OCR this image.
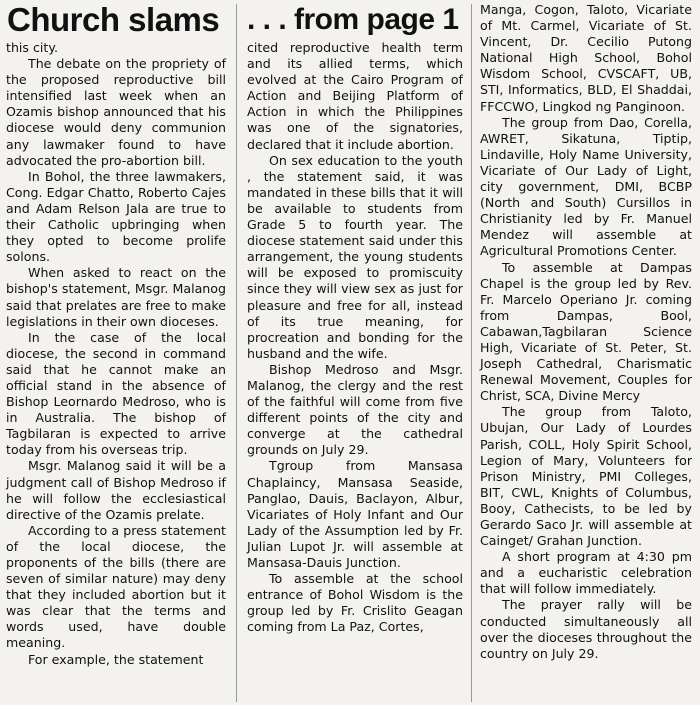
Church slams . . . from page 1

this city.

The debate on the propriety of the proposed reproductive bill intensified last week when an Ozamis bishop announced that his diocese would deny communion any lawmaker found to have advocated the pro-abortion bill.

In Bohol, the three lawmakers, Cong. Edgar Chatto, Roberto Cajes and Adam Relson Jala are true to their Catholic upbringing when they opted to become prolife solons.

When asked to react on the bishop's statement, Msgr. Malanog said that prelates are free to make legislations in their own dioceses.

In the case of the local diocese, the second in command said that he cannot make an official stand in the absence of Bishop Leornardo Medroso, who is in Australia. The bishop of Tagbilaran is expected to arrive today from his overseas trip.

Msgr. Malanog said it will be a judgment call of Bishop Medroso if he will follow the ecclesiastical directive of the Ozamis prelate.

According to a press statement of the local diocese, the proponents of the bills (there are seven of similar nature) may deny that they included abortion but it was clear that the terms and words used, have double meaning.

For example, the statement

cited reproductive health term and its allied terms, which evolved at the Cairo Program of Action and Beijing Platform of Action in which the Philippines was one of the signatories, declared that it include abortion.

On sex education to the youth , the statement said, it was mandated in these bills that it will be available to students from Grade 5 to fourth year. The diocese statement said under this arrangement, the young students will be exposed to promiscuity since they will view sex as just for pleasure and free for all, instead of its true meaning, for procreation and bonding for the husband and the wife.

Bishop Medroso and Msgr. Malanog, the clergy and the rest of the faithful will come from five different points of the city and converge at the cathedral grounds on July 29.

Tgroup from Mansasa Chaplaincy, Mansasa Seaside, Panglao, Dauis, Baclayon, Albur, Vicariates of Holy Infant and Our Lady of the Assumption led by Fr. Julian Lupot Jr. will assemble at Mansasa-Dauis Junction.

To assemble at the school entrance of Bohol Wisdom is the group led by Fr. Crislito Geagan coming from La Paz, Cortes,

Manga, Cogon, Taloto, Vicariate of Mt. Carmel, Vicariate of St. Vincent, Dr. Cecilio Putong National High School, Bohol Wisdom School, CVSCAFT, UB, STI, Informatics, BLD, El Shaddai, FFCCWO, Lingkod ng Panginoon.

The group from Dao, Corella, AWRET, Sikatuna, Tiptip, Lindaville, Holy Name University, Vicariate of Our Lady of Light, city government, DMI, BCBP (North and South) Cursillos in Christianity led by Fr. Manuel Mendez will assemble at Agricultural Promotions Center.

To assemble at Dampas Chapel is the group led by Rev. Fr. Marcelo Operiano Jr. coming from Dampas, Bool, Cabawan,Tagbilaran Science High, Vicariate of St. Peter, St. Joseph Cathedral, Charismatic Renewal Movement, Couples for Christ, SCA, Divine Mercy

The group from Taloto, Ubujan, Our Lady of Lourdes Parish, COLL, Holy Spirit School, Legion of Mary, Volunteers for Prison Ministry, PMI Colleges, BIT, CWL, Knights of Columbus, Booy, Cathecists, to be led by Gerardo Saco Jr. will assemble at Cainget/ Grahan Junction.

A short program at 4:30 pm and a eucharistic celebration that will follow immediately.

The prayer rally will be conducted simultaneously all over the dioceses throughout the country on July 29.
